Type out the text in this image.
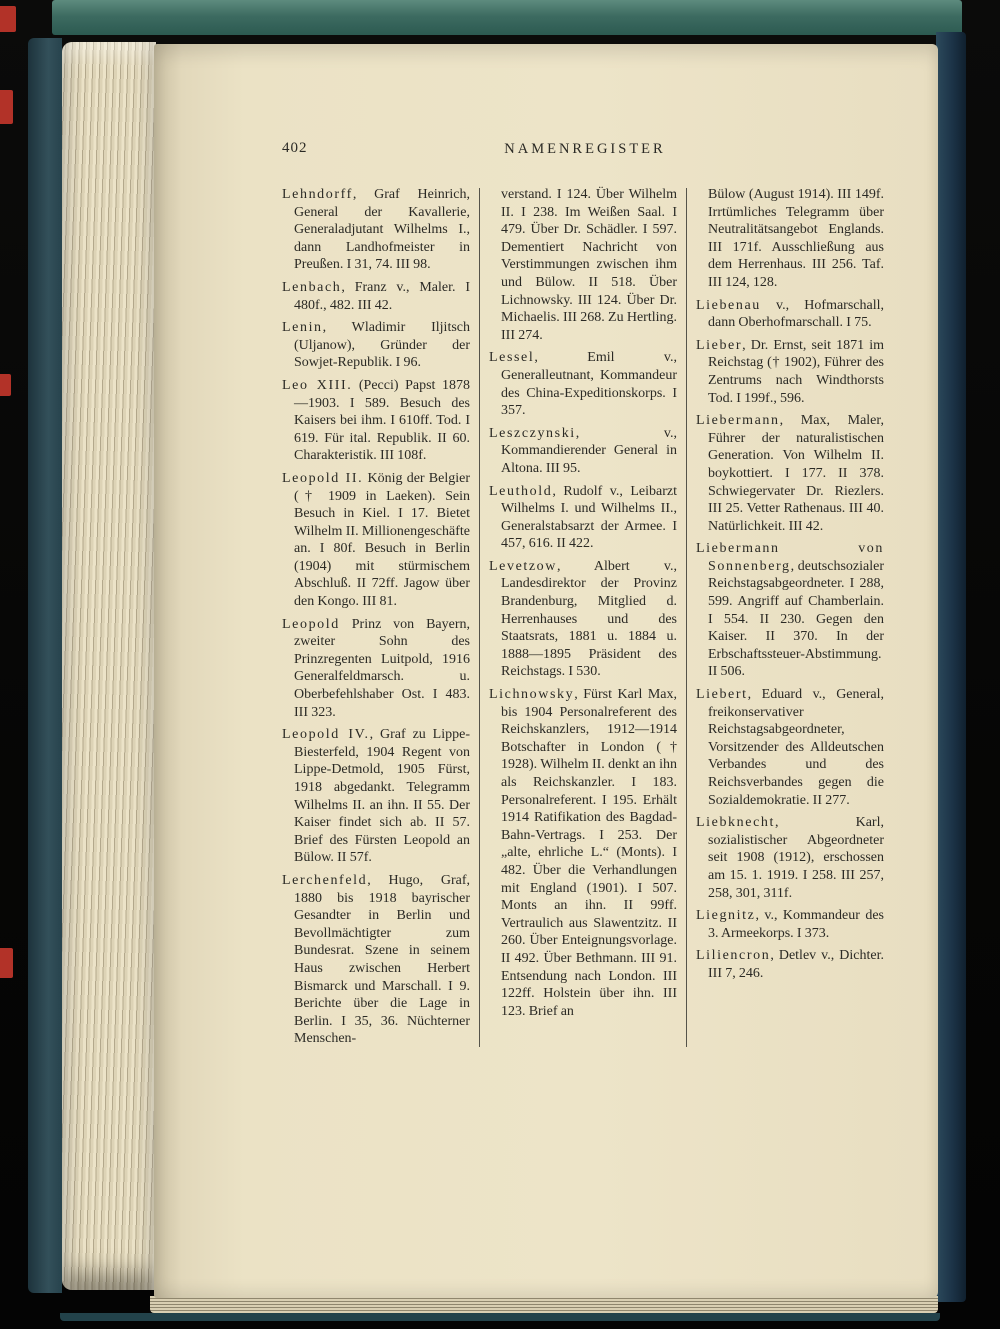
402	NAMENREGISTER

Lehndorff, Graf Heinrich, General der Kavallerie, Generaladjutant Wilhelms I., dann Landhofmeister in Preußen. I 31, 74. III 98.

Lenbach, Franz v., Maler. I 480f., 482. III 42.

Lenin, Wladimir Iljitsch (Uljanow), Gründer der Sowjet-Republik. I 96.

Leo XIII. (Pecci) Papst 1878—1903. I 589. Besuch des Kaisers bei ihm. I 610ff. Tod. I 619. Für ital. Republik. II 60. Charakteristik. III 108f.

Leopold II. König der Belgier († 1909 in Laeken). Sein Besuch in Kiel. I 17. Bietet Wilhelm II. Millionengeschäfte an. I 80f. Besuch in Berlin (1904) mit stürmischem Abschluß. II 72ff. Jagow über den Kongo. III 81.

Leopold Prinz von Bayern, zweiter Sohn des Prinzregenten Luitpold, 1916 Generalfeldmarsch. u. Oberbefehlshaber Ost. I 483. III 323.

Leopold IV., Graf zu Lippe-Biesterfeld, 1904 Regent von Lippe-Detmold, 1905 Fürst, 1918 abgedankt. Telegramm Wilhelms II. an ihn. II 55. Der Kaiser findet sich ab. II 57. Brief des Fürsten Leopold an Bülow. II 57f.

Lerchenfeld, Hugo, Graf, 1880 bis 1918 bayrischer Gesandter in Berlin und Bevollmächtigter zum Bundesrat. Szene in seinem Haus zwischen Herbert Bismarck und Marschall. I 9. Berichte über die Lage in Berlin. I 35, 36. Nüchterner Menschen-

verstand. I 124. Über Wilhelm II. I 238. Im Weißen Saal. I 479. Über Dr. Schädler. I 597. Dementiert Nachricht von Verstimmungen zwischen ihm und Bülow. II 518. Über Lichnowsky. III 124. Über Dr. Michaelis. III 268. Zu Hertling. III 274.

Lessel, Emil v., Generalleutnant, Kommandeur des China-Expeditionskorps. I 357.

Leszczynski, v., Kommandierender General in Altona. III 95.

Leuthold, Rudolf v., Leibarzt Wilhelms I. und Wilhelms II., Generalstabsarzt der Armee. I 457, 616. II 422.

Levetzow, Albert v., Landesdirektor der Provinz Brandenburg, Mitglied d. Herrenhauses und des Staatsrats, 1881 u. 1884 u. 1888—1895 Präsident des Reichstags. I 530.

Lichnowsky, Fürst Karl Max, bis 1904 Personalreferent des Reichskanzlers, 1912—1914 Botschafter in London († 1928). Wilhelm II. denkt an ihn als Reichskanzler. I 183. Personalreferent. I 195. Erhält 1914 Ratifikation des Bagdad-Bahn-Vertrags. I 253. Der „alte, ehrliche L.“ (Monts). I 482. Über die Verhandlungen mit England (1901). I 507. Monts an ihn. II 99ff. Vertraulich aus Slawentzitz. II 260. Über Enteignungsvorlage. II 492. Über Bethmann. III 91. Entsendung nach London. III 122ff. Holstein über ihn. III 123. Brief an

Bülow (August 1914). III 149f. Irrtümliches Telegramm über Neutralitätsangebot Englands. III 171f. Ausschließung aus dem Herrenhaus. III 256. Taf. III 124, 128.

Liebenau v., Hofmarschall, dann Oberhofmarschall. I 75.

Lieber, Dr. Ernst, seit 1871 im Reichstag († 1902), Führer des Zentrums nach Windthorsts Tod. I 199f., 596.

Liebermann, Max, Maler, Führer der naturalistischen Generation. Von Wilhelm II. boykottiert. I 177. II 378. Schwiegervater Dr. Riezlers. III 25. Vetter Rathenaus. III 40. Natürlichkeit. III 42.

Liebermann von Sonnenberg, deutschsozialer Reichstagsabgeordneter. I 288, 599. Angriff auf Chamberlain. I 554. II 230. Gegen den Kaiser. II 370. In der Erbschaftssteuer-Abstimmung. II 506.

Liebert, Eduard v., General, freikonservativer Reichstagsabgeordneter, Vorsitzender des Alldeutschen Verbandes und des Reichsverbandes gegen die Sozialdemokratie. II 277.

Liebknecht, Karl, sozialistischer Abgeordneter seit 1908 (1912), erschossen am 15. 1. 1919. I 258. III 257, 258, 301, 311f.

Liegnitz, v., Kommandeur des 3. Armeekorps. I 373.

Liliencron, Detlev v., Dichter. III 7, 246.
